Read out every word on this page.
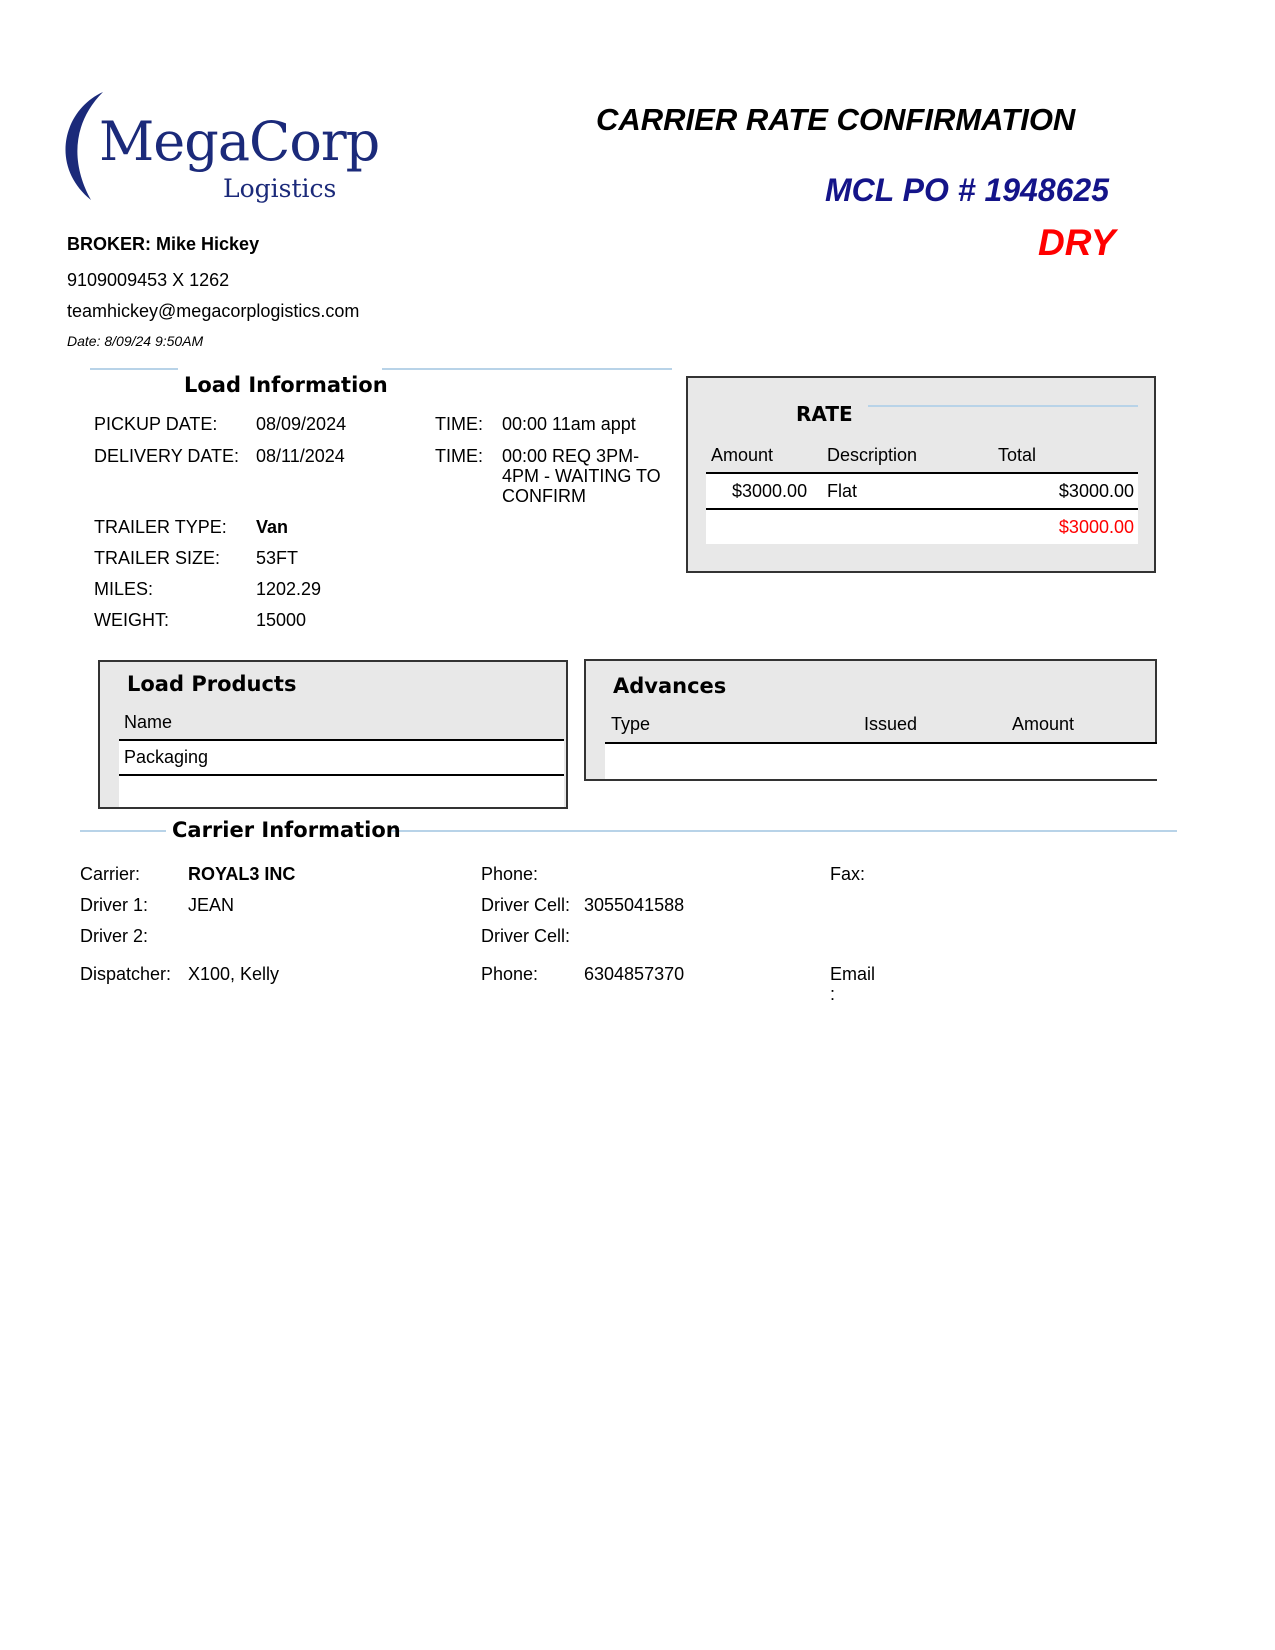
MegaCorp
Logistics
CARRIER RATE CONFIRMATION
MCL PO # 1948625
DRY
BROKER: Mike Hickey
9109009453 X 1262
teamhickey@megacorplogistics.com
Date: 8/09/24 9:50AM
Load Information
PICKUP DATE: 08/09/2024	TIME: 00:00 11am appt
DELIVERY DATE: 08/11/2024	TIME: 00:00 REQ 3PM-
4PM - WAITING TO
CONFIRM
TRAILER TYPE: Van
TRAILER SIZE: 53FT
MILES:	1202.29
WEIGHT:	15000
RATE
Amount	Description	Total
$3000.00 Flat	$3000.00
$3000.00
Load Products
Name
Packaging
Advances
Type	Issued	Amount
Carrier Information
Carrier:	ROYAL3 INC	Phone:	Fax:
Driver 1: JEAN	Driver Cell: 3055041588
Driver 2:	Driver Cell:
Dispatcher: X100, Kelly	Phone:	6304857370	Email
:
